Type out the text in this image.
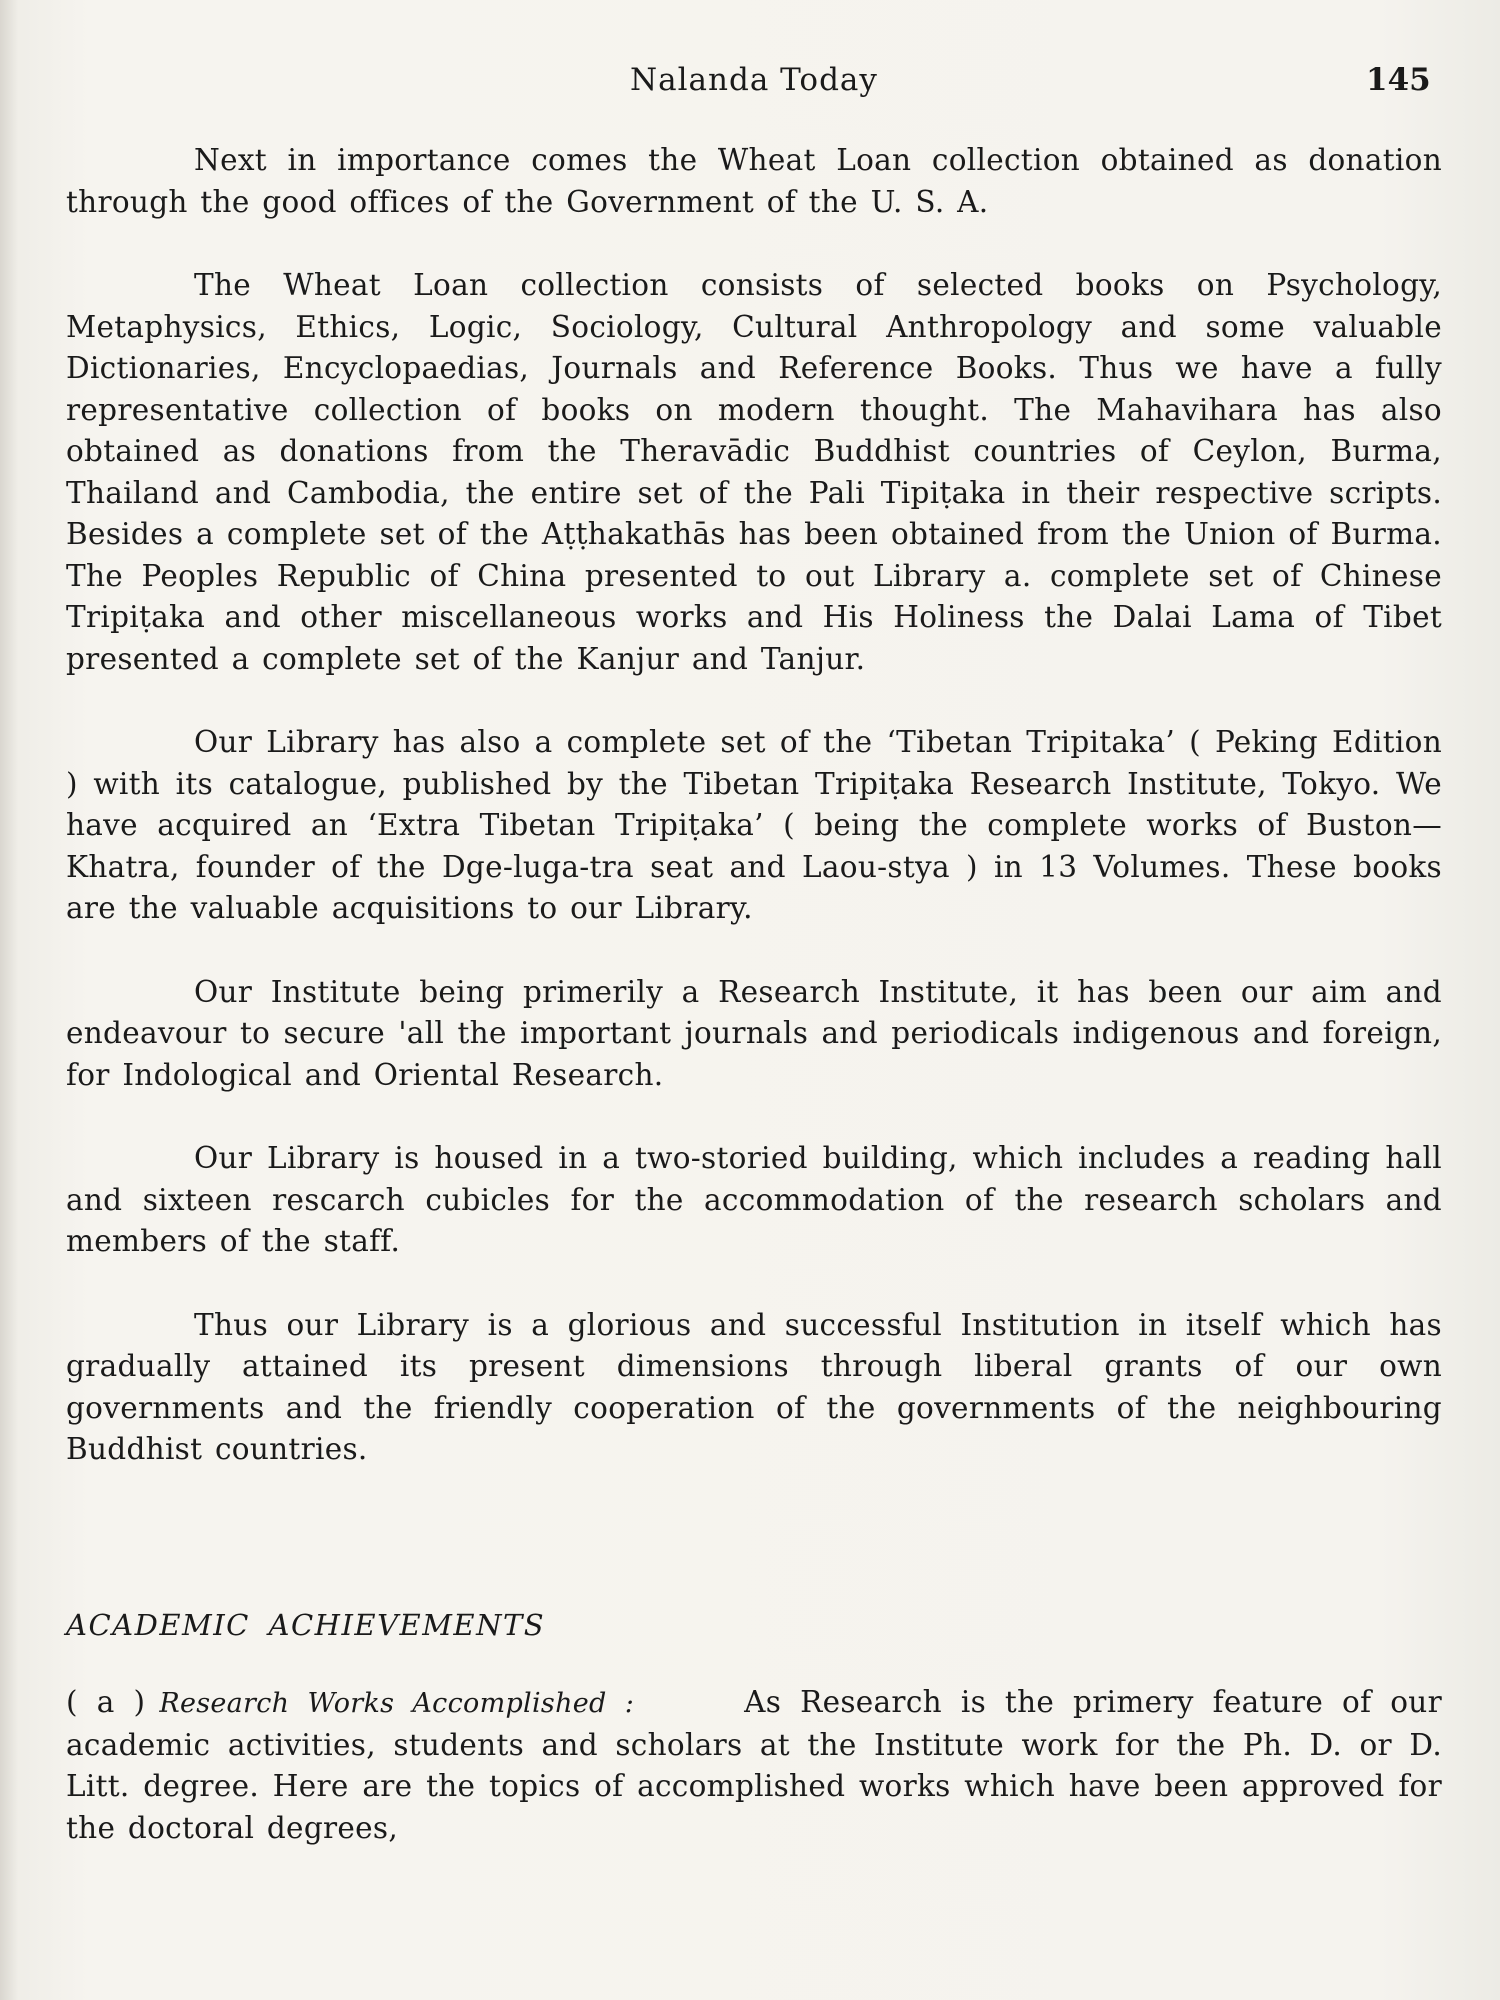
Nalanda Today	145

Next in importance comes the Wheat Loan collection obtained as donation through the good offices of the Government of the U. S. A.

The Wheat Loan collection consists of selected books on Psychology, Metaphysics, Ethics, Logic, Sociology, Cultural Anthropology and some valuable Dictionaries, Encyclopaedias, Journals and Reference Books. Thus we have a fully representative collection of books on modern thought. The Mahavihara has also obtained as donations from the Theravādic Buddhist countries of Ceylon, Burma, Thailand and Cambodia, the entire set of the Pali Tipiṭaka in their respective scripts. Besides a complete set of the Aṭṭhakathās has been obtained from the Union of Burma. The Peoples Republic of China presented to out Library a. complete set of Chinese Tripiṭaka and other miscellaneous works and His Holiness the Dalai Lama of Tibet presented a complete set of the Kanjur and Tanjur.

Our Library has also a complete set of the ‘Tibetan Tripitaka’ ( Peking Edition ) with its catalogue, published by the Tibetan Tripiṭaka Research Institute, Tokyo. We have acquired an ‘Extra Tibetan Tripiṭaka’ ( being the complete works of Buston—Khatra, founder of the Dge-luga-tra seat and Laou-stya ) in 13 Volumes. These books are the valuable acquisitions to our Library.

Our Institute being primerily a Research Institute, it has been our aim and endeavour to secure 'all the important journals and periodicals indigenous and foreign, for Indological and Oriental Research.

Our Library is housed in a two-storied building, which includes a reading hall and sixteen rescarch cubicles for the accommodation of the research scholars and members of the staff.

Thus our Library is a glorious and successful Institution in itself which has gradually attained its present dimensions through liberal grants of our own governments and the friendly cooperation of the governments of the neighbouring Buddhist countries.

ACADEMIC ACHIEVEMENTS
( a ) Research Works Accomplished :	As Research is the primery feature of our academic activities, students and scholars at the Institute work for the Ph. D. or D. Litt. degree. Here are the topics of accomplished works which have been approved for the doctoral degrees,
